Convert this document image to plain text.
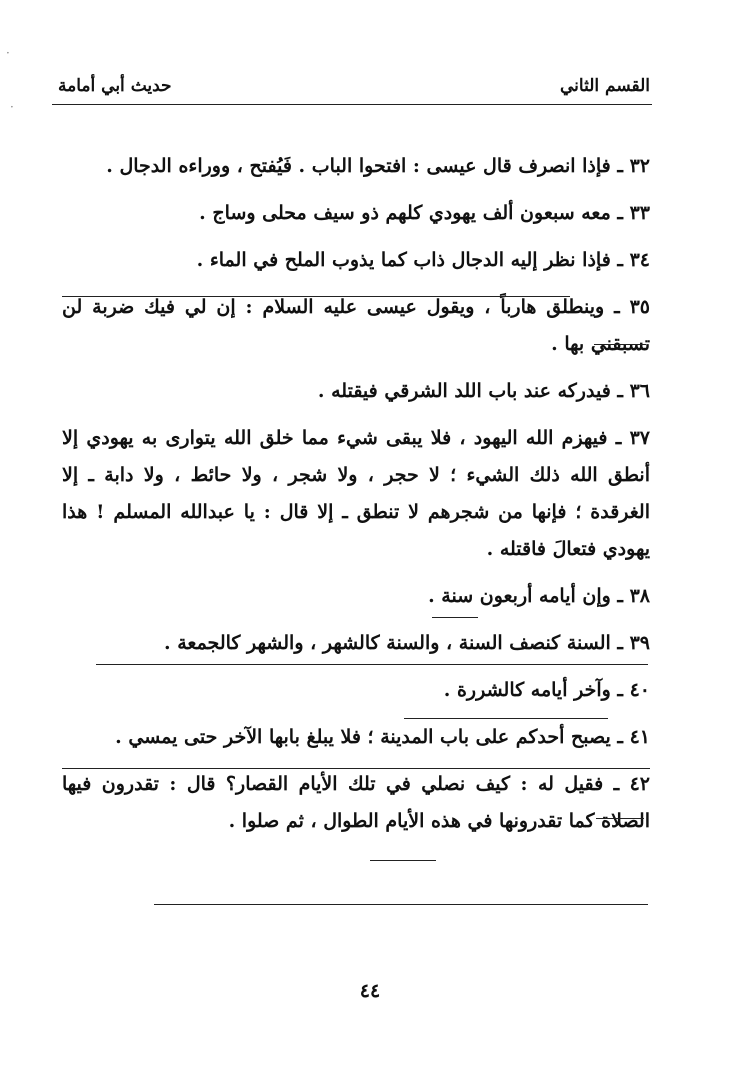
القسم الثاني
حديث أبي أمامة
·
·

٣٢ ـ فإذا انصرف قال عيسى : افتحوا الباب . فَيُفتح ، ووراءه الدجال .

٣٣ ـ معه سبعون ألف يهودي كلهم ذو سيف محلى وساج .

٣٤ ـ فإذا نظر إليه الدجال ذاب كما يذوب الملح في الماء .

٣٥ ـ وينطلق هارباً ، ويقول عيسى عليه السلام : إن لي فيك ضربة لن تسبقني بها .

٣٦ ـ فيدركه عند باب اللد الشرقي فيقتله .

٣٧ ـ فيهزم الله اليهود ، فلا يبقى شيء مما خلق الله يتوارى به يهودي إلا أنطق الله ذلك الشيء ؛ لا حجر ، ولا شجر ، ولا حائط ، ولا دابة ـ إلا الغرقدة ؛ فإنها من شجرهم لا تنطق ـ إلا قال : يا عبدالله المسلم ! هذا يهودي فتعالَ فاقتله .

٣٨ ـ وإن أيامه أربعون سنة .

٣٩ ـ السنة كنصف السنة ، والسنة كالشهر ، والشهر كالجمعة .

٤٠ ـ وآخر أيامه كالشررة .

٤١ ـ يصبح أحدكم على باب المدينة ؛ فلا يبلغ بابها الآخر حتى يمسي .

٤٢ ـ فقيل له : كيف نصلي في تلك الأيام القصار؟ قال : تقدرون فيها الصلاة كما تقدرونها في هذه الأيام الطوال ، ثم صلوا .

٤٤
